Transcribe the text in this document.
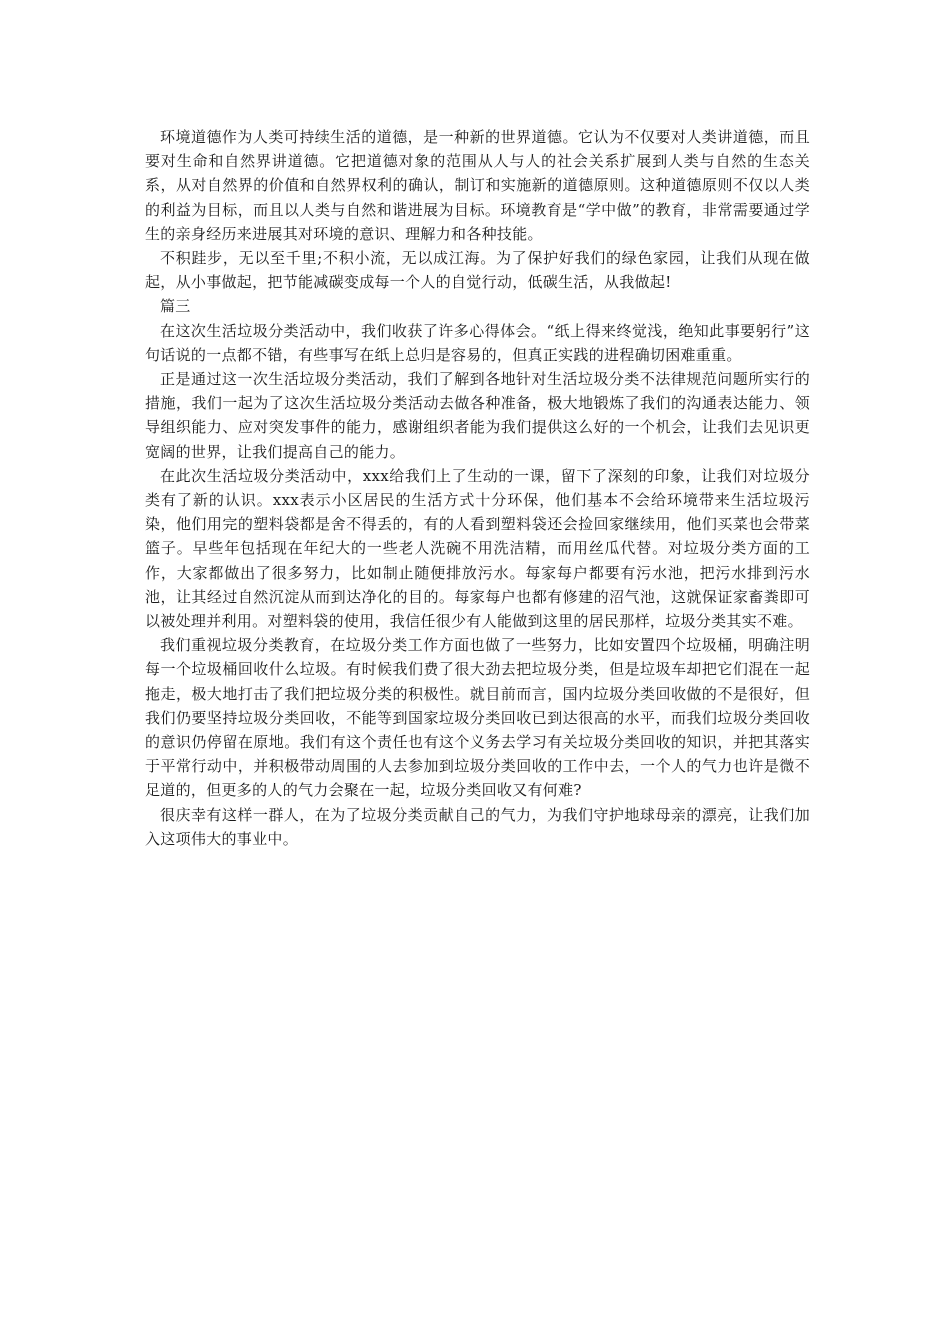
环境道德作为人类可持续生活的道德，是一种新的世界道德。它认为不仅要对人类讲道德，而且要对生命和自然界讲道德。它把道德对象的范围从人与人的社会关系扩展到人类与自然的生态关系，从对自然界的价值和自然界权利的确认，制订和实施新的道德原则。这种道德原则不仅以人类的利益为目标，而且以人类与自然和谐进展为目标。环境教育是“学中做”的教育，非常需要通过学生的亲身经历来进展其对环境的意识、理解力和各种技能。

不积跬步，无以至千里;不积小流，无以成江海。为了保护好我们的绿色家园，让我们从现在做起，从小事做起，把节能减碳变成每一个人的自觉行动，低碳生活，从我做起!

篇三

在这次生活垃圾分类活动中，我们收获了许多心得体会。“纸上得来终觉浅，绝知此事要躬行”这句话说的一点都不错，有些事写在纸上总归是容易的，但真正实践的进程确切困难重重。

正是通过这一次生活垃圾分类活动，我们了解到各地针对生活垃圾分类不法律规范问题所实行的措施，我们一起为了这次生活垃圾分类活动去做各种准备，极大地锻炼了我们的沟通表达能力、领导组织能力、应对突发事件的能力，感谢组织者能为我们提供这么好的一个机会，让我们去见识更宽阔的世界，让我们提高自己的能力。

在此次生活垃圾分类活动中，xxx给我们上了生动的一课，留下了深刻的印象，让我们对垃圾分类有了新的认识。xxx表示小区居民的生活方式十分环保，他们基本不会给环境带来生活垃圾污染，他们用完的塑料袋都是舍不得丢的，有的人看到塑料袋还会捡回家继续用，他们买菜也会带菜篮子。早些年包括现在年纪大的一些老人洗碗不用洗洁精，而用丝瓜代替。对垃圾分类方面的工作，大家都做出了很多努力，比如制止随便排放污水。每家每户都要有污水池，把污水排到污水池，让其经过自然沉淀从而到达净化的目的。每家每户也都有修建的沼气池，这就保证家畜粪即可以被处理并利用。对塑料袋的使用，我信任很少有人能做到这里的居民那样，垃圾分类其实不难。

我们重视垃圾分类教育，在垃圾分类工作方面也做了一些努力，比如安置四个垃圾桶，明确注明每一个垃圾桶回收什么垃圾。有时候我们费了很大劲去把垃圾分类，但是垃圾车却把它们混在一起拖走，极大地打击了我们把垃圾分类的积极性。就目前而言，国内垃圾分类回收做的不是很好，但我们仍要坚持垃圾分类回收，不能等到国家垃圾分类回收已到达很高的水平，而我们垃圾分类回收的意识仍停留在原地。我们有这个责任也有这个义务去学习有关垃圾分类回收的知识，并把其落实于平常行动中，并积极带动周围的人去参加到垃圾分类回收的工作中去，一个人的气力也许是微不足道的，但更多的人的气力会聚在一起，垃圾分类回收又有何难?

很庆幸有这样一群人，在为了垃圾分类贡献自己的气力，为我们守护地球母亲的漂亮，让我们加入这项伟大的事业中。
